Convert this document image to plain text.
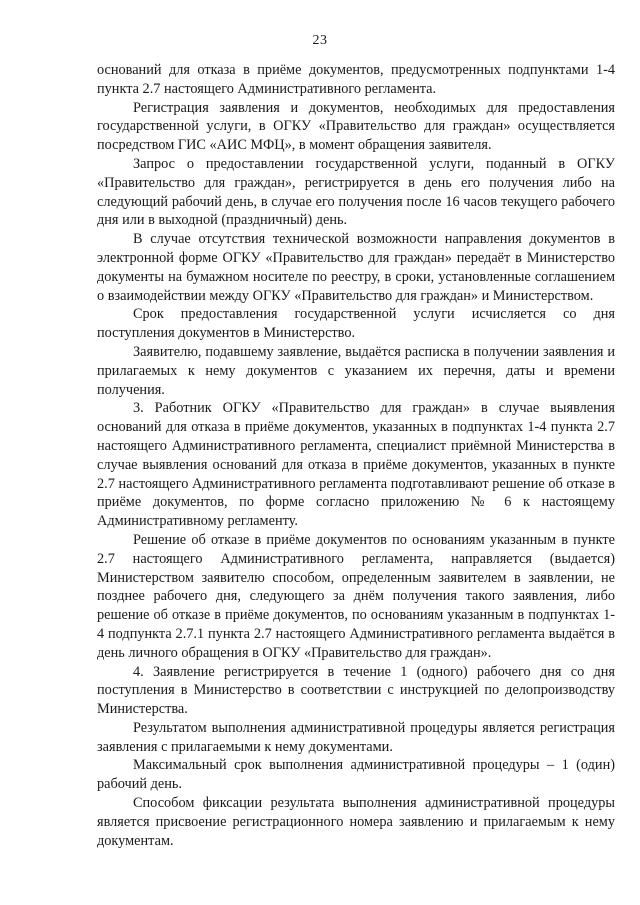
23

оснований для отказа в приёме документов, предусмотренных подпунктами 1-4 пункта 2.7 настоящего Административного регламента.

Регистрация заявления и документов, необходимых для предоставления государственной услуги, в ОГКУ «Правительство для граждан» осуществляется посредством ГИС «АИС МФЦ», в момент обращения заявителя.

Запрос о предоставлении государственной услуги, поданный в ОГКУ «Правительство для граждан», регистрируется в день его получения либо на следующий рабочий день, в случае его получения после 16 часов текущего рабочего дня или в выходной (праздничный) день.

В случае отсутствия технической возможности направления документов в электронной форме ОГКУ «Правительство для граждан» передаёт в Министерство документы на бумажном носителе по реестру, в сроки, установленные соглашением о взаимодействии между ОГКУ «Правительство для граждан» и Министерством.

Срок предоставления государственной услуги исчисляется со дня поступления документов в Министерство.

Заявителю, подавшему заявление, выдаётся расписка в получении заявления и прилагаемых к нему документов с указанием их перечня, даты и времени получения.

3. Работник ОГКУ «Правительство для граждан» в случае выявления оснований для отказа в приёме документов, указанных в подпунктах 1-4 пункта 2.7 настоящего Административного регламента, специалист приёмной Министерства в случае выявления оснований для отказа в приёме документов, указанных в пункте 2.7 настоящего Административного регламента подготавливают решение об отказе в приёме документов, по форме согласно приложению № 6 к настоящему Административному регламенту.

Решение об отказе в приёме документов по основаниям указанным в пункте 2.7 настоящего Административного регламента, направляется (выдается) Министерством заявителю способом, определенным заявителем в заявлении, не позднее рабочего дня, следующего за днём получения такого заявления, либо решение об отказе в приёме документов, по основаниям указанным в подпунктах 1-4 подпункта 2.7.1 пункта 2.7 настоящего Административного регламента выдаётся в день личного обращения в ОГКУ «Правительство для граждан».

4. Заявление регистрируется в течение 1 (одного) рабочего дня со дня поступления в Министерство в соответствии с инструкцией по делопроизводству Министерства.

Результатом выполнения административной процедуры является регистрация заявления с прилагаемыми к нему документами.

Максимальный срок выполнения административной процедуры – 1 (один) рабочий день.

Способом фиксации результата выполнения административной процедуры является присвоение регистрационного номера заявлению и прилагаемым к нему документам.
